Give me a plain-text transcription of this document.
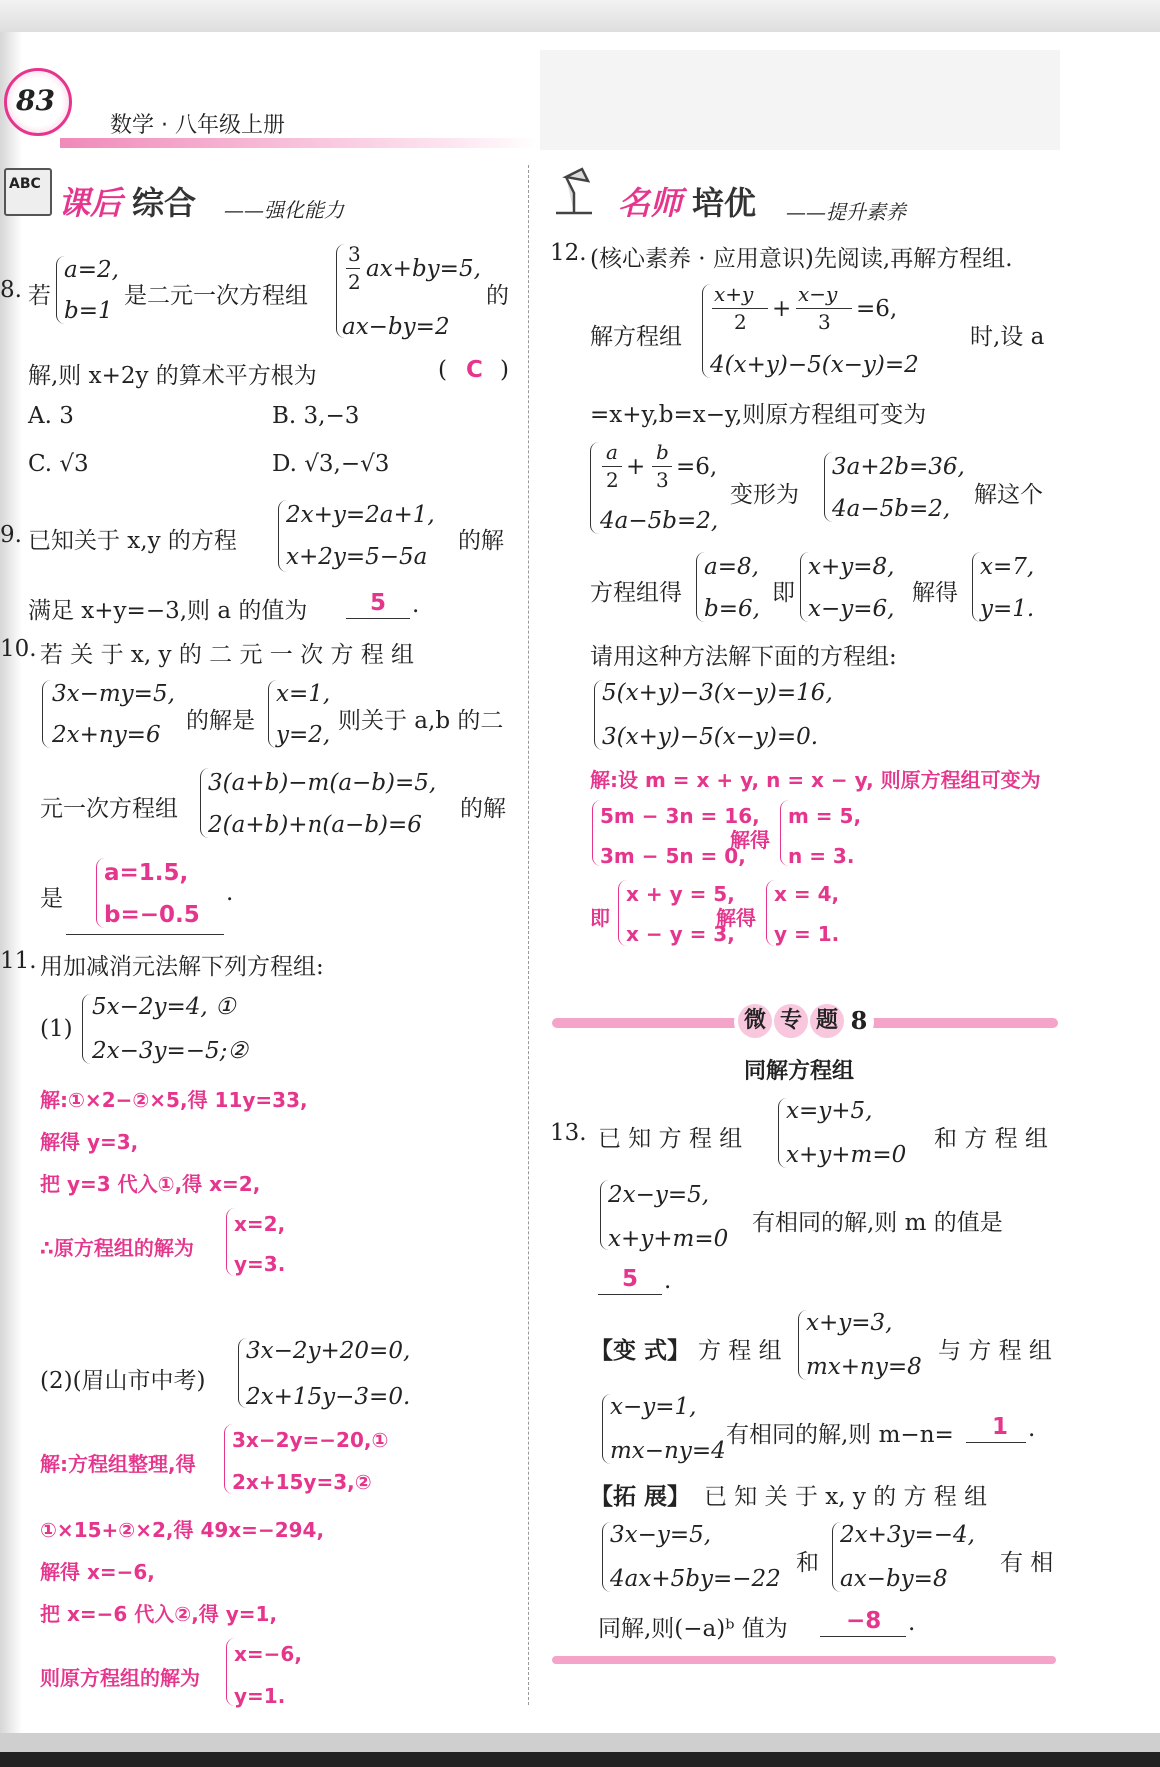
83
数学 · 八年级上册
ABC 课后 综合 ——强化能力	名师 培优 ——提升素养
8. 若
a=2,
b=1
是二元一次方程组
3
2 ax+by=5,
ax−by=2
的
解,则 x+2y 的算术平方根为	( C )
A. 3	B. 3,−3
C. √3	D. √3,−√3
9. 已知关于 x,y 的方程
2x+y=2a+1,
x+2y=5−5a
的解
满足 x+y=−3,则 a 的值为	5 .
10. 若 关 于 x, y 的 二 元 一 次 方 程 组
3x−my=5,
2x+ny=6
的解是
x=1,
y=2,
则关于 a,b 的二
元一次方程组
3(a+b)−m(a−b)=5,
2(a+b)+n(a−b)=6
的解
是
a=1.5,
b=−0.5
.
11. 用加减消元法解下列方程组:
(1)
5x−2y=4, ①
2x−3y=−5;②
解:①×2−②×5,得 11y=33,
解得 y=3,
把 y=3 代入①,得 x=2,
∴原方程组的解为
x=2,
y=3.
(2)(眉山市中考)
3x−2y+20=0,
2x+15y−3=0.
解:方程组整理,得
3x−2y=−20,①
2x+15y=3,②
①×15+②×2,得 49x=−294,
解得 x=−6,
把 x=−6 代入②,得 y=1,
则原方程组的解为
x=−6,
y=1.
12. (核心素养 · 应用意识)先阅读,再解方程组.
解方程组
x+y
2 +
x−y
3 =6,
4(x+y)−5(x−y)=2
时,设 a
=x+y,b=x−y,则原方程组可变为
a
2 +
b
3 =6,
4a−5b=2,
变形为
3a+2b=36,
4a−5b=2,
解这个
方程组得
a=8,
b=6,
即
x+y=8,
x−y=6,
解得
x=7,
y=1.
请用这种方法解下面的方程组:
5(x+y)−3(x−y)=16,
3(x+y)−5(x−y)=0.
解:设 m = x + y, n = x − y, 则原方程组可变为
5m − 3n = 16,
3m − 5n = 0,
解得
m = 5,
n = 3.
即
x + y = 5,
x − y = 3,
解得
x = 4,
y = 1.
微 专 题 8
同解方程组
13. 已 知 方 程 组
x=y+5,
x+y+m=0
和 方 程 组
2x−y=5,
x+y+m=0
有相同的解,则 m 的值是
5 .
【变 式】 方 程 组
x+y=3,
mx+ny=8
与 方 程 组
x−y=1,
mx−ny=4
有相同的解,则 m−n= 1 .
【拓 展】 已 知 关 于 x, y 的 方 程 组
3x−y=5,
4ax+5by=−22
和
2x+3y=−4,
ax−by=8
有 相
同解,则(−a)ᵇ 值为	−8 .
